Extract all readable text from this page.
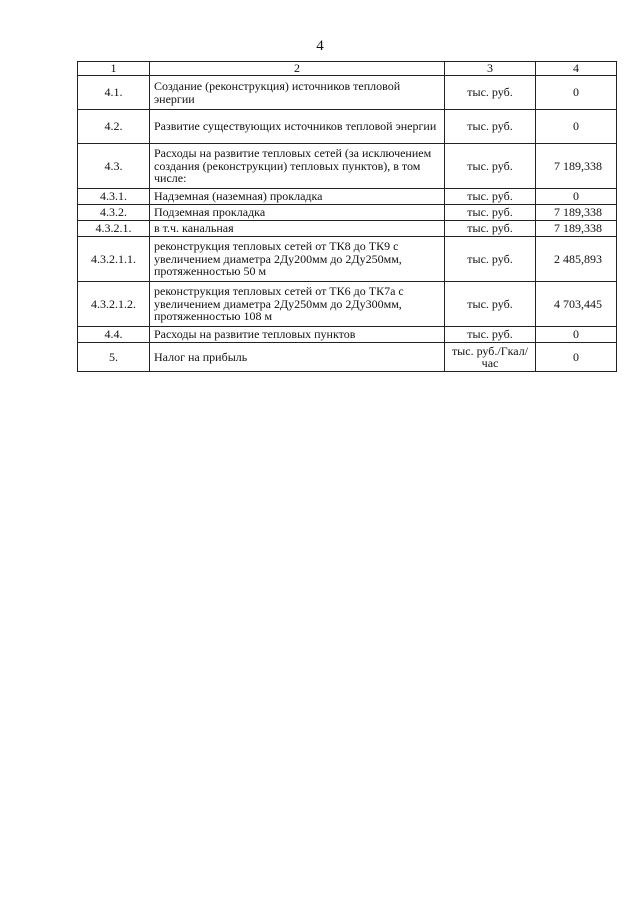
4
1	2	3	4
4.1.	Создание (реконструкция) источников тепловой энергии	тыс. руб.	0
4.2.	Развитие существующих источников тепловой энергии	тыс. руб.	0
4.3.	Расходы на развитие тепловых сетей (за исключением создания (реконструкции) тепловых пунктов), в том числе:	тыс. руб.	7 189,338
4.3.1.	Надземная (наземная) прокладка	тыс. руб.	0
4.3.2.	Подземная прокладка	тыс. руб.	7 189,338
4.3.2.1.	в т.ч. канальная	тыс. руб.	7 189,338
4.3.2.1.1.	реконструкция тепловых сетей от ТК8 до ТК9 с увеличением диаметра 2Ду200мм до 2Ду250мм, протяженностью 50 м	тыс. руб.	2 485,893
4.3.2.1.2.	реконструкция тепловых сетей от ТК6 до ТК7а с увеличением диаметра 2Ду250мм до 2Ду300мм, протяженностью 108 м	тыс. руб.	4 703,445
4.4.	Расходы на развитие тепловых пунктов	тыс. руб.	0
5.	Налог на прибыль	тыс. руб./Гкал/час	0
